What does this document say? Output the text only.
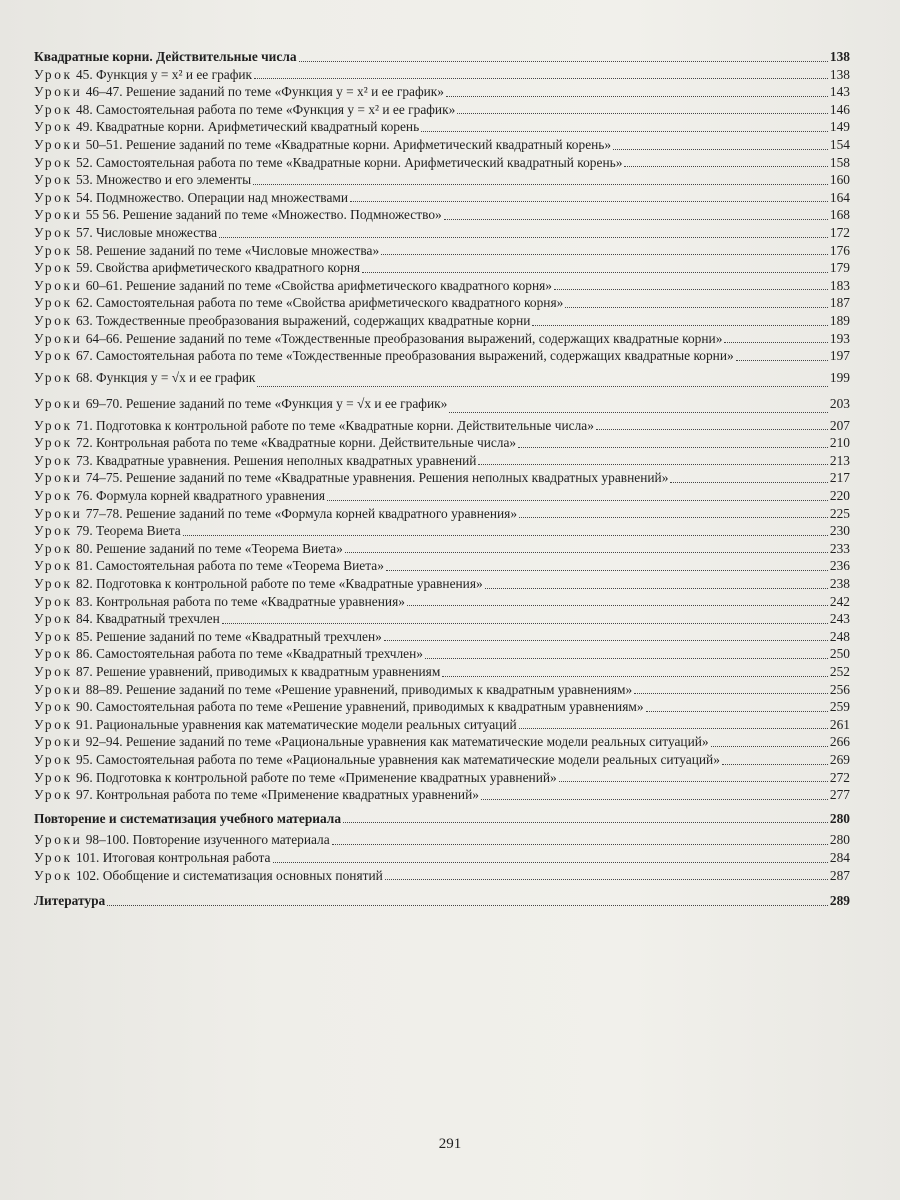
Квадратные корни. Действительные числа	138
Урок 45. Функция y = x² и ее график	138
Уроки 46–47. Решение заданий по теме «Функция y = x² и ее график»	143
Урок 48. Самостоятельная работа по теме «Функция y = x² и ее график»	146
Урок 49. Квадратные корни. Арифметический квадратный корень	149
Уроки 50–51. Решение заданий по теме «Квадратные корни. Арифметический квадратный корень»	154
Урок 52. Самостоятельная работа по теме «Квадратные корни. Арифметический квадратный корень»	158
Урок 53. Множество и его элементы	160
Урок 54. Подмножество. Операции над множествами	164
Уроки 55 56. Решение заданий по теме «Множество. Подмножество»	168
Урок 57. Числовые множества	172
Урок 58. Решение заданий по теме «Числовые множества»	176
Урок 59. Свойства арифметического квадратного корня	179
Уроки 60–61. Решение заданий по теме «Свойства арифметического квадратного корня»	183
Урок 62. Самостоятельная работа по теме «Свойства арифметического квадратного корня»	187
Урок 63. Тождественные преобразования выражений, содержащих квадратные корни	189
Уроки 64–66. Решение заданий по теме «Тождественные преобразования выражений, содержащих квадратные корни»	193
Урок 67. Самостоятельная работа по теме «Тождественные преобразования выражений, содержащих квадратные корни»	197
Урок 68. Функция y = √x и ее график	199
Уроки 69–70. Решение заданий по теме «Функция y = √x и ее график»	203
Урок 71. Подготовка к контрольной работе по теме «Квадратные корни. Действительные числа»	207
Урок 72. Контрольная работа по теме «Квадратные корни. Действительные числа»	210
Урок 73. Квадратные уравнения. Решения неполных квадратных уравнений	213
Уроки 74–75. Решение заданий по теме «Квадратные уравнения. Решения неполных квадратных уравнений»	217
Урок 76. Формула корней квадратного уравнения	220
Уроки 77–78. Решение заданий по теме «Формула корней квадратного уравнения»	225
Урок 79. Теорема Виета	230
Урок 80. Решение заданий по теме «Теорема Виета»	233
Урок 81. Самостоятельная работа по теме «Теорема Виета»	236
Урок 82. Подготовка к контрольной работе по теме «Квадратные уравнения»	238
Урок 83. Контрольная работа по теме «Квадратные уравнения»	242
Урок 84. Квадратный трехчлен	243
Урок 85. Решение заданий по теме «Квадратный трехчлен»	248
Урок 86. Самостоятельная работа по теме «Квадратный трехчлен»	250
Урок 87. Решение уравнений, приводимых к квадратным уравнениям	252
Уроки 88–89. Решение заданий по теме «Решение уравнений, приводимых к квадратным уравнениям»	256
Урок 90. Самостоятельная работа по теме «Решение уравнений, приводимых к квадратным уравнениям»	259
Урок 91. Рациональные уравнения как математические модели реальных ситуаций	261
Уроки 92–94. Решение заданий по теме «Рациональные уравнения как математические модели реальных ситуаций»	266
Урок 95. Самостоятельная работа по теме «Рациональные уравнения как математические модели реальных ситуаций»	269
Урок 96. Подготовка к контрольной работе по теме «Применение квадратных уравнений»	272
Урок 97. Контрольная работа по теме «Применение квадратных уравнений»	277
Повторение и систематизация учебного материала	280
Уроки 98–100. Повторение изученного материала	280
Урок 101. Итоговая контрольная работа	284
Урок 102. Обобщение и систематизация основных понятий	287
Литература	289
291
